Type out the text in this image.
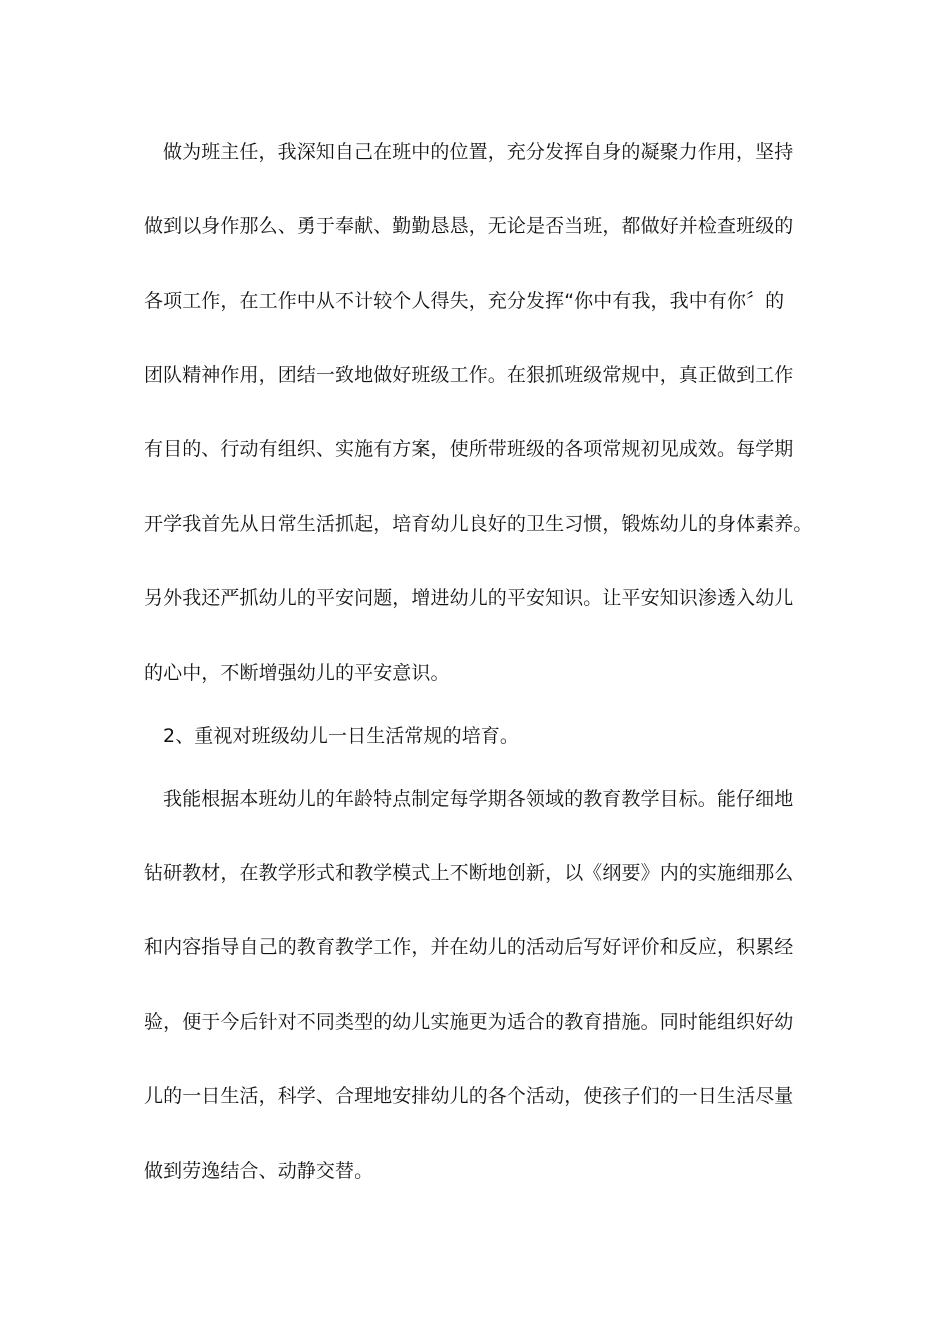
做为班主任，我深知自己在班中的位置，充分发挥自身的凝聚力作用，坚持
做到以身作那么、勇于奉献、勤勤恳恳，无论是否当班，都做好并检查班级的
各项工作，在工作中从不计较个人得失，充分发挥“你中有我，我中有你〞的
团队精神作用，团结一致地做好班级工作。在狠抓班级常规中，真正做到工作
有目的、行动有组织、实施有方案，使所带班级的各项常规初见成效。每学期
开学我首先从日常生活抓起，培育幼儿良好的卫生习惯，锻炼幼儿的身体素养。
另外我还严抓幼儿的平安问题，增进幼儿的平安知识。让平安知识渗透入幼儿
的心中，不断增强幼儿的平安意识。
2、重视对班级幼儿一日生活常规的培育。
我能根据本班幼儿的年龄特点制定每学期各领域的教育教学目标。能仔细地
钻研教材，在教学形式和教学模式上不断地创新，以《纲要》内的实施细那么
和内容指导自己的教育教学工作，并在幼儿的活动后写好评价和反应，积累经
验，便于今后针对不同类型的幼儿实施更为适合的教育措施。同时能组织好幼
儿的一日生活，科学、合理地安排幼儿的各个活动，使孩子们的一日生活尽量
做到劳逸结合、动静交替。
